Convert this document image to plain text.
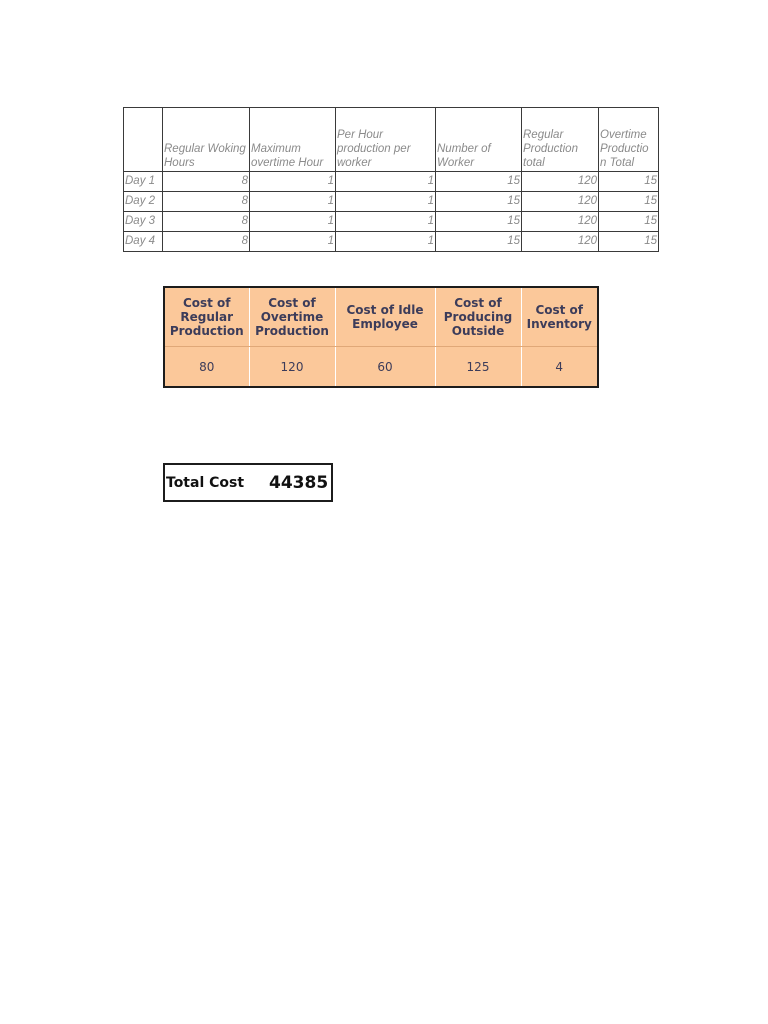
	Regular Woking Hours	Maximum overtime Hour	Per Hour production per worker	Number of Worker	Regular Production total	Overtime Productio n Total
Day 1	8	1	1	15	120	15
Day 2	8	1	1	15	120	15
Day 3	8	1	1	15	120	15
Day 4	8	1	1	15	120	15
Cost of Regular Production	Cost of Overtime Production	Cost of Idle Employee	Cost of Producing Outside	Cost of Inventory
80	120	60	125	4
Total Cost	44385
